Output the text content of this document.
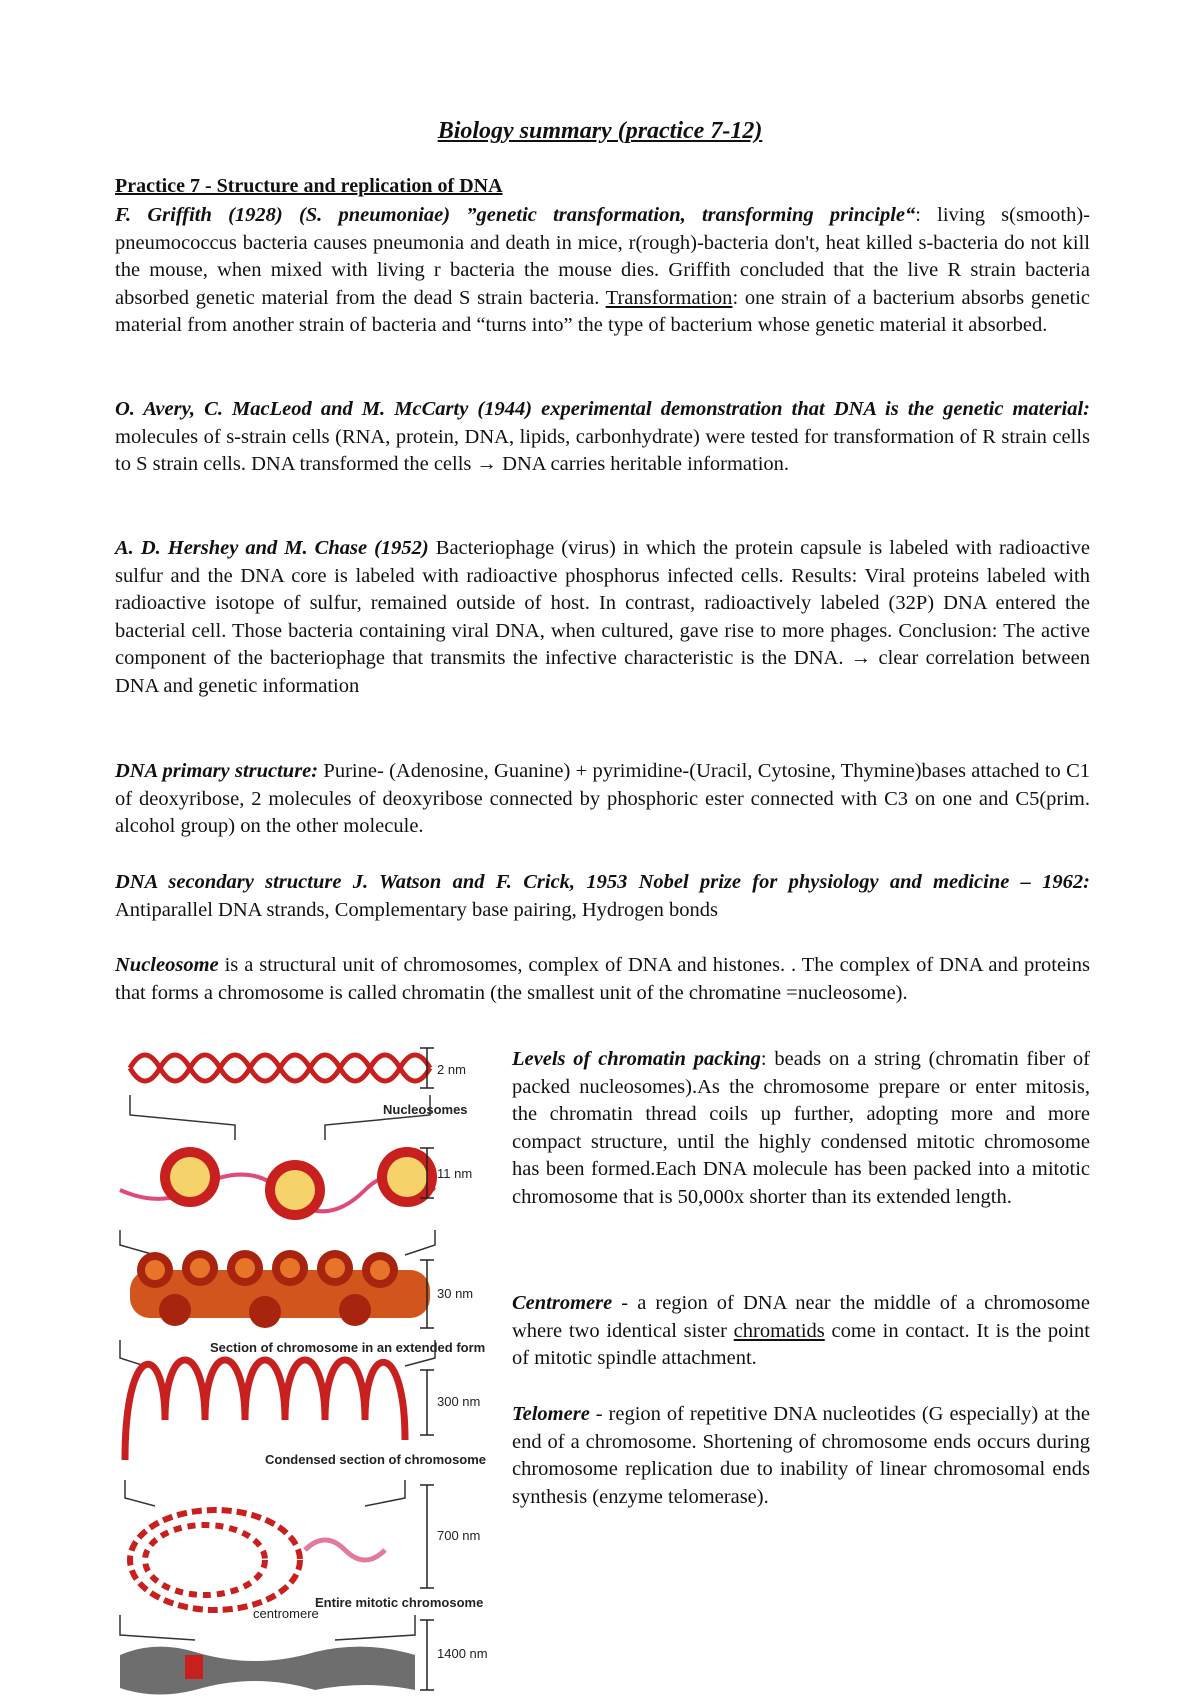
Biology summary (practice 7-12)
Practice 7 - Structure and replication of DNA

F. Griffith (1928) (S. pneumoniae) ”genetic transformation, transforming principle“: living s(smooth)-pneumococcus bacteria causes pneumonia and death in mice, r(rough)-bacteria don't, heat killed s-bacteria do not kill the mouse, when mixed with living r bacteria the mouse dies. Griffith concluded that the live R strain bacteria absorbed genetic material from the dead S strain bacteria. Transformation: one strain of a bacterium absorbs genetic material from another strain of bacteria and “turns into” the type of bacterium whose genetic material it absorbed.

O. Avery, C. MacLeod and M. McCarty (1944) experimental demonstration that DNA is the genetic material: molecules of s-strain cells (RNA, protein, DNA, lipids, carbonhydrate) were tested for transformation of R strain cells to S strain cells. DNA transformed the cells → DNA carries heritable information.

A. D. Hershey and M. Chase (1952) Bacteriophage (virus) in which the protein capsule is labeled with radioactive sulfur and the DNA core is labeled with radioactive phosphorus infected cells. Results: Viral proteins labeled with radioactive isotope of sulfur, remained outside of host. In contrast, radioactively labeled (32P) DNA entered the bacterial cell. Those bacteria containing viral DNA, when cultured, gave rise to more phages. Conclusion: The active component of the bacteriophage that transmits the infective characteristic is the DNA. → clear correlation between DNA and genetic information

DNA primary structure: Purine- (Adenosine, Guanine) + pyrimidine-(Uracil, Cytosine, Thymine)bases attached to C1 of deoxyribose, 2 molecules of deoxyribose connected by phosphoric ester connected with C3 on one and C5(prim. alcohol group) on the other molecule.

DNA secondary structure J. Watson and F. Crick, 1953 Nobel prize for physiology and medicine – 1962: Antiparallel DNA strands, Complementary base pairing, Hydrogen bonds

Nucleosome is a structural unit of chromosomes, complex of DNA and histones. . The complex of DNA and proteins that forms a chromosome is called chromatin (the smallest unit of the chromatine =nucleosome).

Levels of chromatin packing: beads on a string (chromatin fiber of packed nucleosomes).As the chromosome prepare or enter mitosis, the chromatin thread coils up further, adopting more and more compact structure, until the highly condensed mitotic chromosome has been formed.Each DNA molecule has been packed into a mitotic chromosome that is 50,000x shorter than its extended length.

Centromere - a region of DNA near the middle of a chromosome where two identical sister chromatids come in contact. It is the point of mitotic spindle attachment.

Telomere - region of repetitive DNA nucleotides (G especially) at the end of a chromosome. Shortening of chromosome ends occurs during chromosome replication due to inability of linear chromosomal ends synthesis (enzyme telomerase).

Nucleosomes
Section of chromosome in an extended form
Condensed section of chromosome
Entire mitotic chromosome
centromere
2 nm
11 nm
30 nm
300 nm
700 nm
1400 nm
